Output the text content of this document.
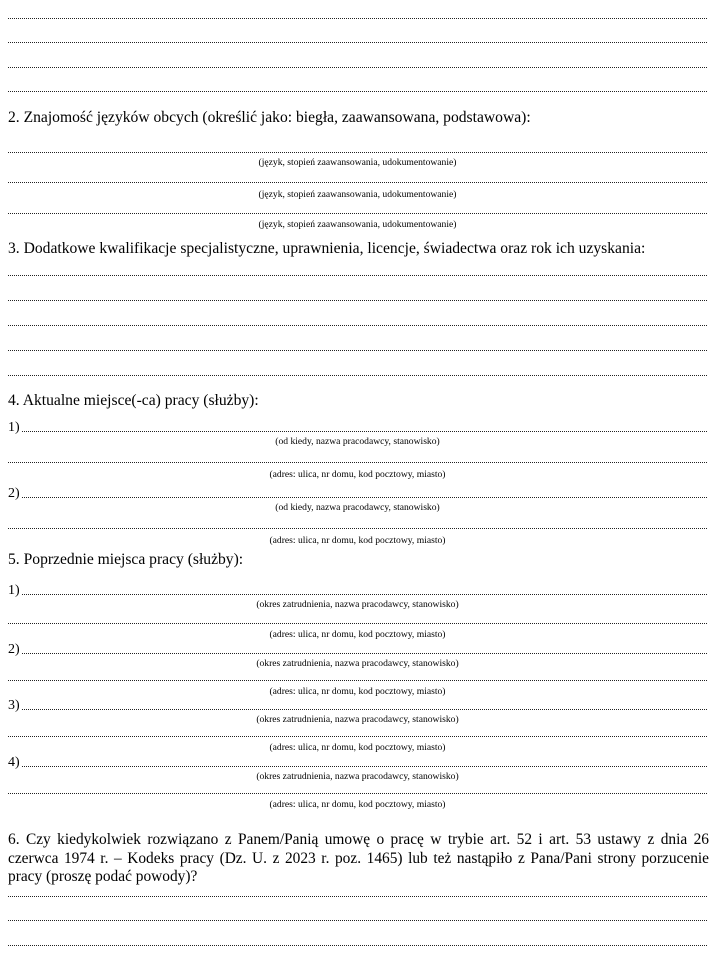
2. Znajomość języków obcych (określić jako: biegła, zaawansowana, podstawowa):
(język, stopień zaawansowania, udokumentowanie)
(język, stopień zaawansowania, udokumentowanie)
(język, stopień zaawansowania, udokumentowanie)
3. Dodatkowe kwalifikacje specjalistyczne, uprawnienia, licencje, świadectwa oraz rok ich uzyskania:
4. Aktualne miejsce(-ca) pracy (służby):
1)
(od kiedy, nazwa pracodawcy, stanowisko)
(adres: ulica, nr domu, kod pocztowy, miasto)
2)
(od kiedy, nazwa pracodawcy, stanowisko)
(adres: ulica, nr domu, kod pocztowy, miasto)
5. Poprzednie miejsca pracy (służby):
1)
(okres zatrudnienia, nazwa pracodawcy, stanowisko)
(adres: ulica, nr domu, kod pocztowy, miasto)
2)
(okres zatrudnienia, nazwa pracodawcy, stanowisko)
(adres: ulica, nr domu, kod pocztowy, miasto)
3)
(okres zatrudnienia, nazwa pracodawcy, stanowisko)
(adres: ulica, nr domu, kod pocztowy, miasto)
4)
(okres zatrudnienia, nazwa pracodawcy, stanowisko)
(adres: ulica, nr domu, kod pocztowy, miasto)
6. Czy kiedykolwiek rozwiązano z Panem/Panią umowę o pracę w trybie art. 52 i art. 53 ustawy z dnia 26 czerwca 1974 r. – Kodeks pracy (Dz. U. z 2023 r. poz. 1465) lub też nastąpiło z Pana/Pani strony porzucenie pracy (proszę podać powody)?
